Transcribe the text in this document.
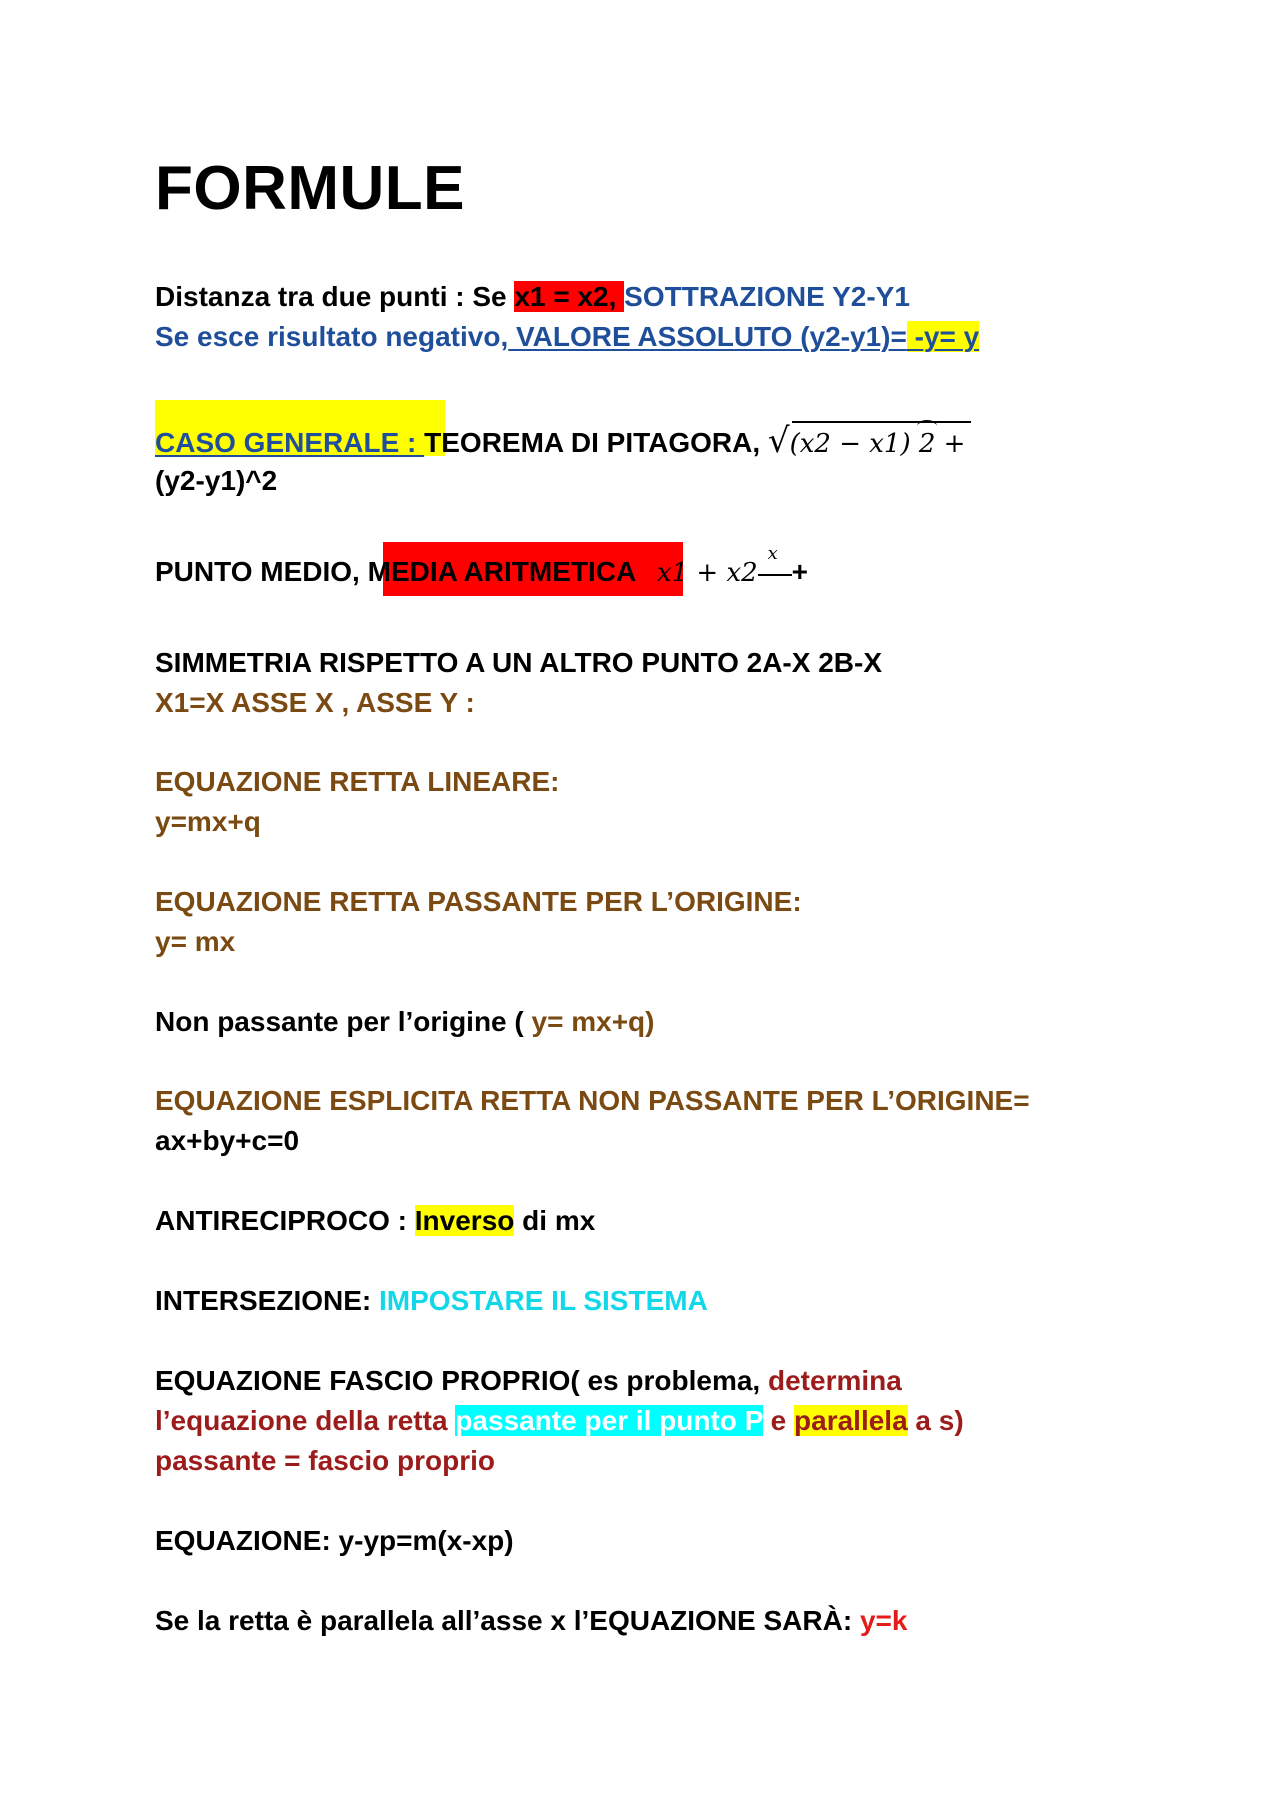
FORMULE
Distanza tra due punti : Se x1 = x2, SOTTRAZIONE Y2-Y1
Se esce risultato negativo, VALORE ASSOLUTO (y2-y1)= -y= y
CASO GENERALE : TEOREMA DI PITAGORA, √
(x2 − x1) 2 +
(y2-y1)^2
PUNTO MEDIO, MEDIA ARITMETICA x1 + x2
x
+
SIMMETRIA RISPETTO A UN ALTRO PUNTO 2A-X 2B-X
X1=X ASSE X , ASSE Y :
EQUAZIONE RETTA LINEARE:
y=mx+q
EQUAZIONE RETTA PASSANTE PER L’ORIGINE:
y= mx
Non passante per l’origine ( y= mx+q)
EQUAZIONE ESPLICITA RETTA NON PASSANTE PER L’ORIGINE=
ax+by+c=0
ANTIRECIPROCO : Inverso di mx
INTERSEZIONE: IMPOSTARE IL SISTEMA
EQUAZIONE FASCIO PROPRIO( es problema, determina
l’equazione della retta passante per il punto P e parallela a s)
passante = fascio proprio
EQUAZIONE: y-yp=m(x-xp)
Se la retta è parallela all’asse x l’EQUAZIONE SARÀ: y=k
